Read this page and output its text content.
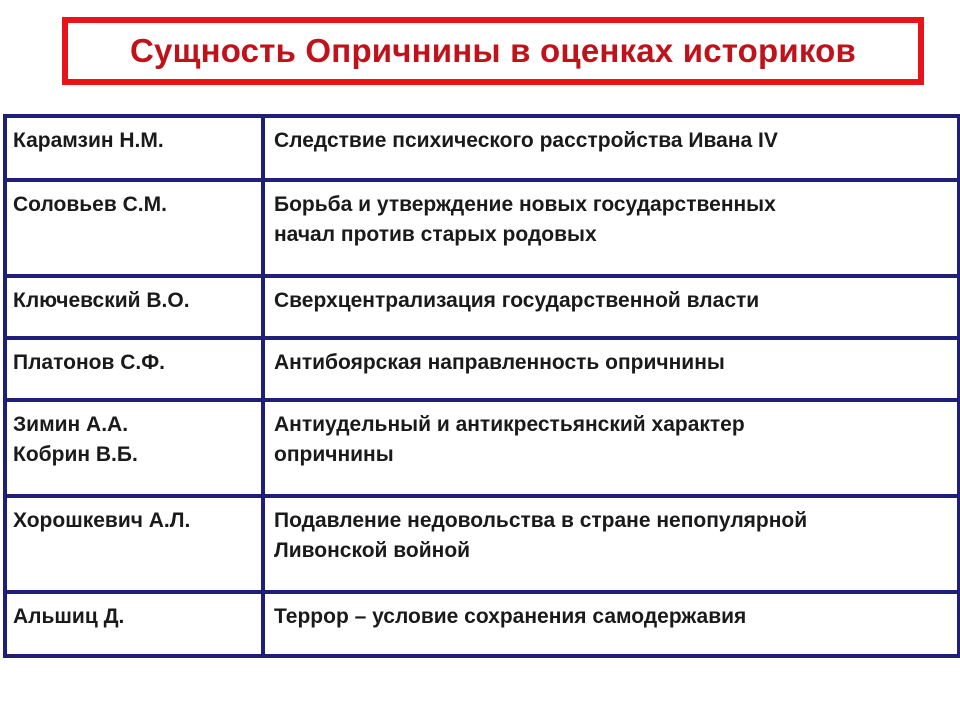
Сущность Опричнины в оценках историков
Карамзин Н.М.	Следствие психического расстройства Ивана IV

Соловьев С.М.	Борьба и утверждение новых государственных
начал против старых родовых

Ключевский В.О.	Сверхцентрализация государственной власти

Платонов С.Ф.	Антибоярская направленность опричнины

Зимин А.А.
Кобрин В.Б.	Антиудельный и антикрестьянский характер
опричнины

Хорошкевич А.Л.	Подавление недовольства в стране непопулярной
Ливонской войной

Альшиц Д.	Террор – условие сохранения самодержавия
